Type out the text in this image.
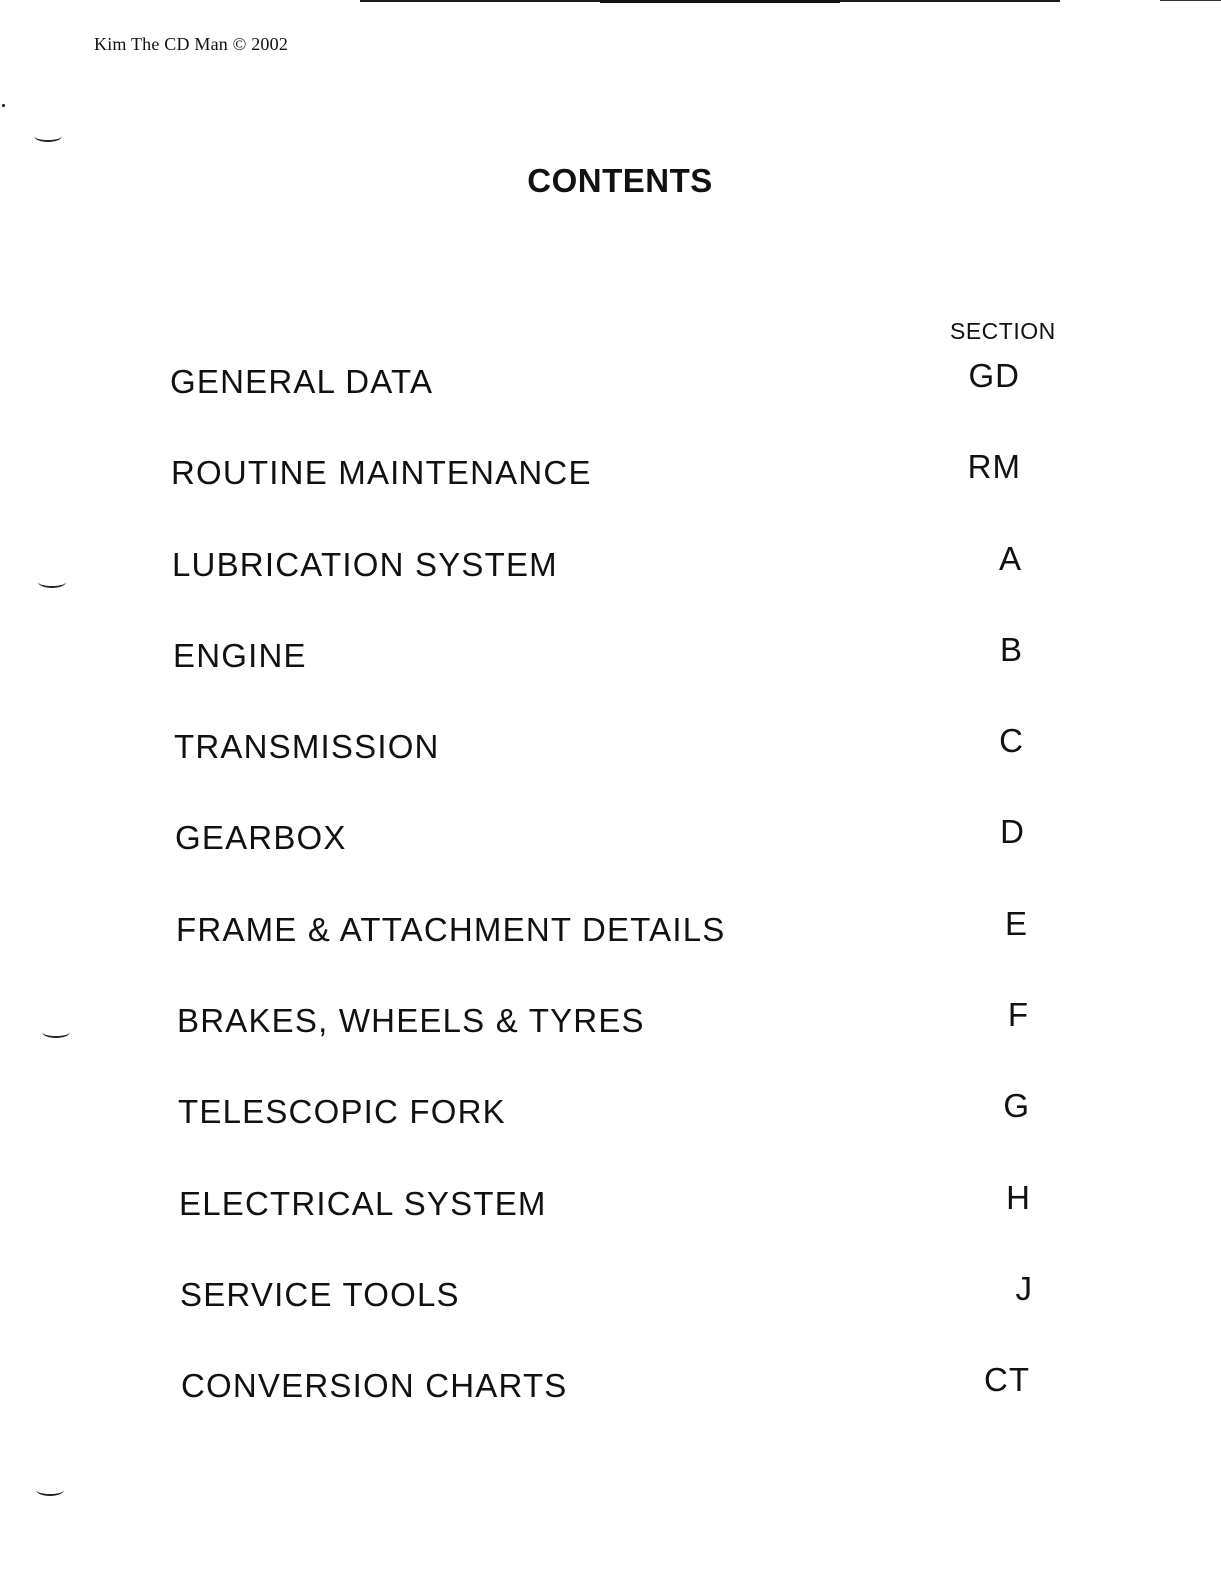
Kim The CD Man © 2002
CONTENTS
SECTION
GENERAL DATA	GD
ROUTINE MAINTENANCE	RM
LUBRICATION SYSTEM	A
ENGINE	B
TRANSMISSION	C
GEARBOX	D
FRAME & ATTACHMENT DETAILS	E
BRAKES, WHEELS & TYRES	F
TELESCOPIC FORK	G
ELECTRICAL SYSTEM	H
SERVICE TOOLS	J
CONVERSION CHARTS	CT
